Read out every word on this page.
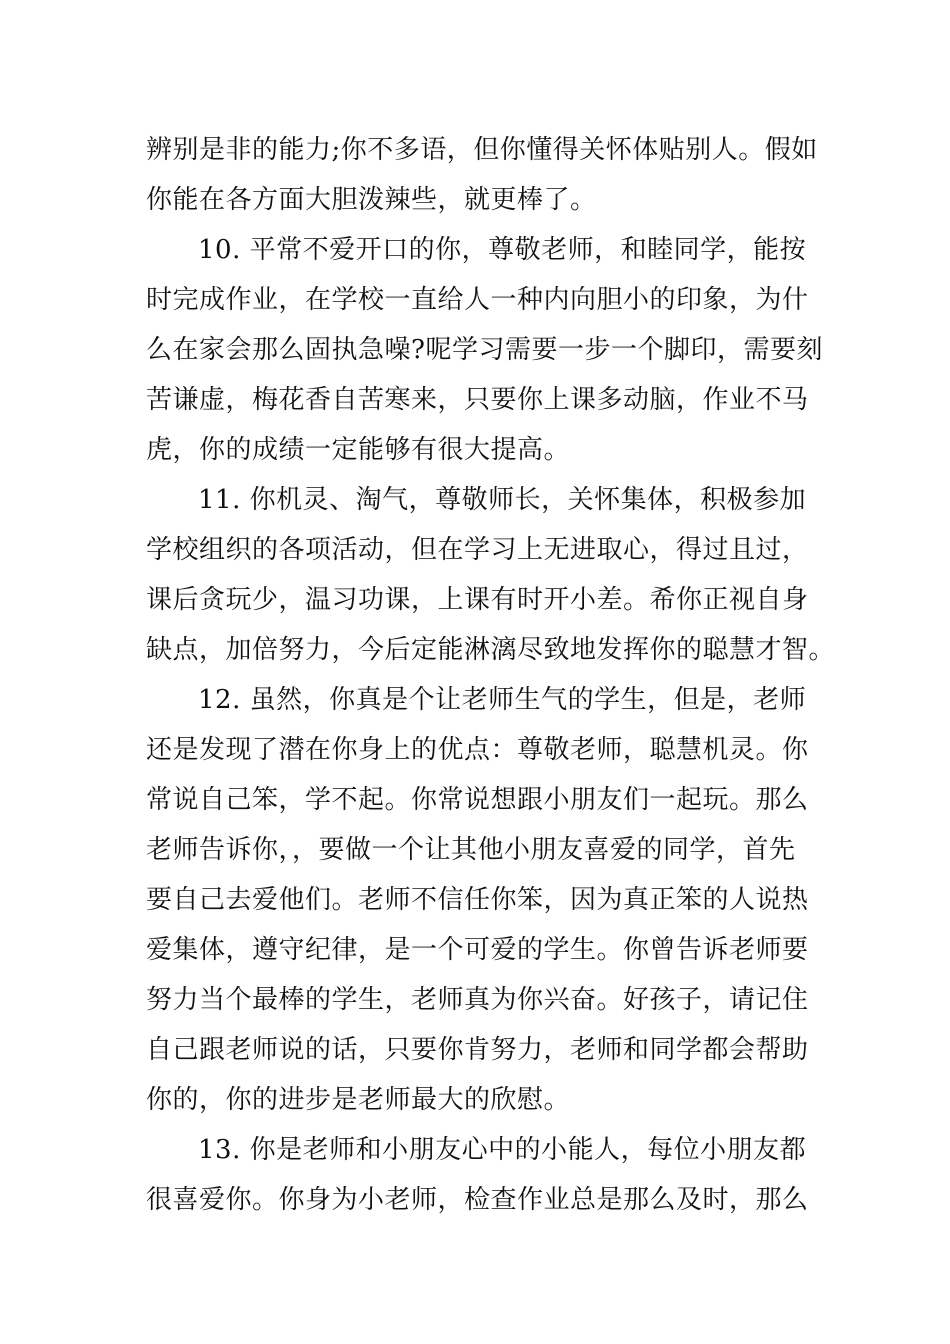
辨别是非的能力;你不多语，但你懂得关怀体贴别人。假如
你能在各方面大胆泼辣些，就更棒了。
10. 平常不爱开口的你，尊敬老师，和睦同学，能按
时完成作业，在学校一直给人一种内向胆小的印象，为什
么在家会那么固执急噪?呢学习需要一步一个脚印，需要刻
苦谦虚，梅花香自苦寒来，只要你上课多动脑，作业不马
虎，你的成绩一定能够有很大提高。
11. 你机灵、淘气，尊敬师长，关怀集体，积极参加
学校组织的各项活动，但在学习上无进取心，得过且过，
课后贪玩少，温习功课，上课有时开小差。希你正视自身
缺点，加倍努力，今后定能淋漓尽致地发挥你的聪慧才智。
12. 虽然，你真是个让老师生气的学生，但是，老师
还是发现了潜在你身上的优点：尊敬老师，聪慧机灵。你
常说自己笨，学不起。你常说想跟小朋友们一起玩。那么
老师告诉你，，要做一个让其他小朋友喜爱的同学，首先
要自己去爱他们。老师不信任你笨，因为真正笨的人说热
爱集体，遵守纪律，是一个可爱的学生。你曾告诉老师要
努力当个最棒的学生，老师真为你兴奋。好孩子，请记住
自己跟老师说的话，只要你肯努力，老师和同学都会帮助
你的，你的进步是老师最大的欣慰。
13. 你是老师和小朋友心中的小能人，每位小朋友都
很喜爱你。你身为小老师，检查作业总是那么及时，那么
